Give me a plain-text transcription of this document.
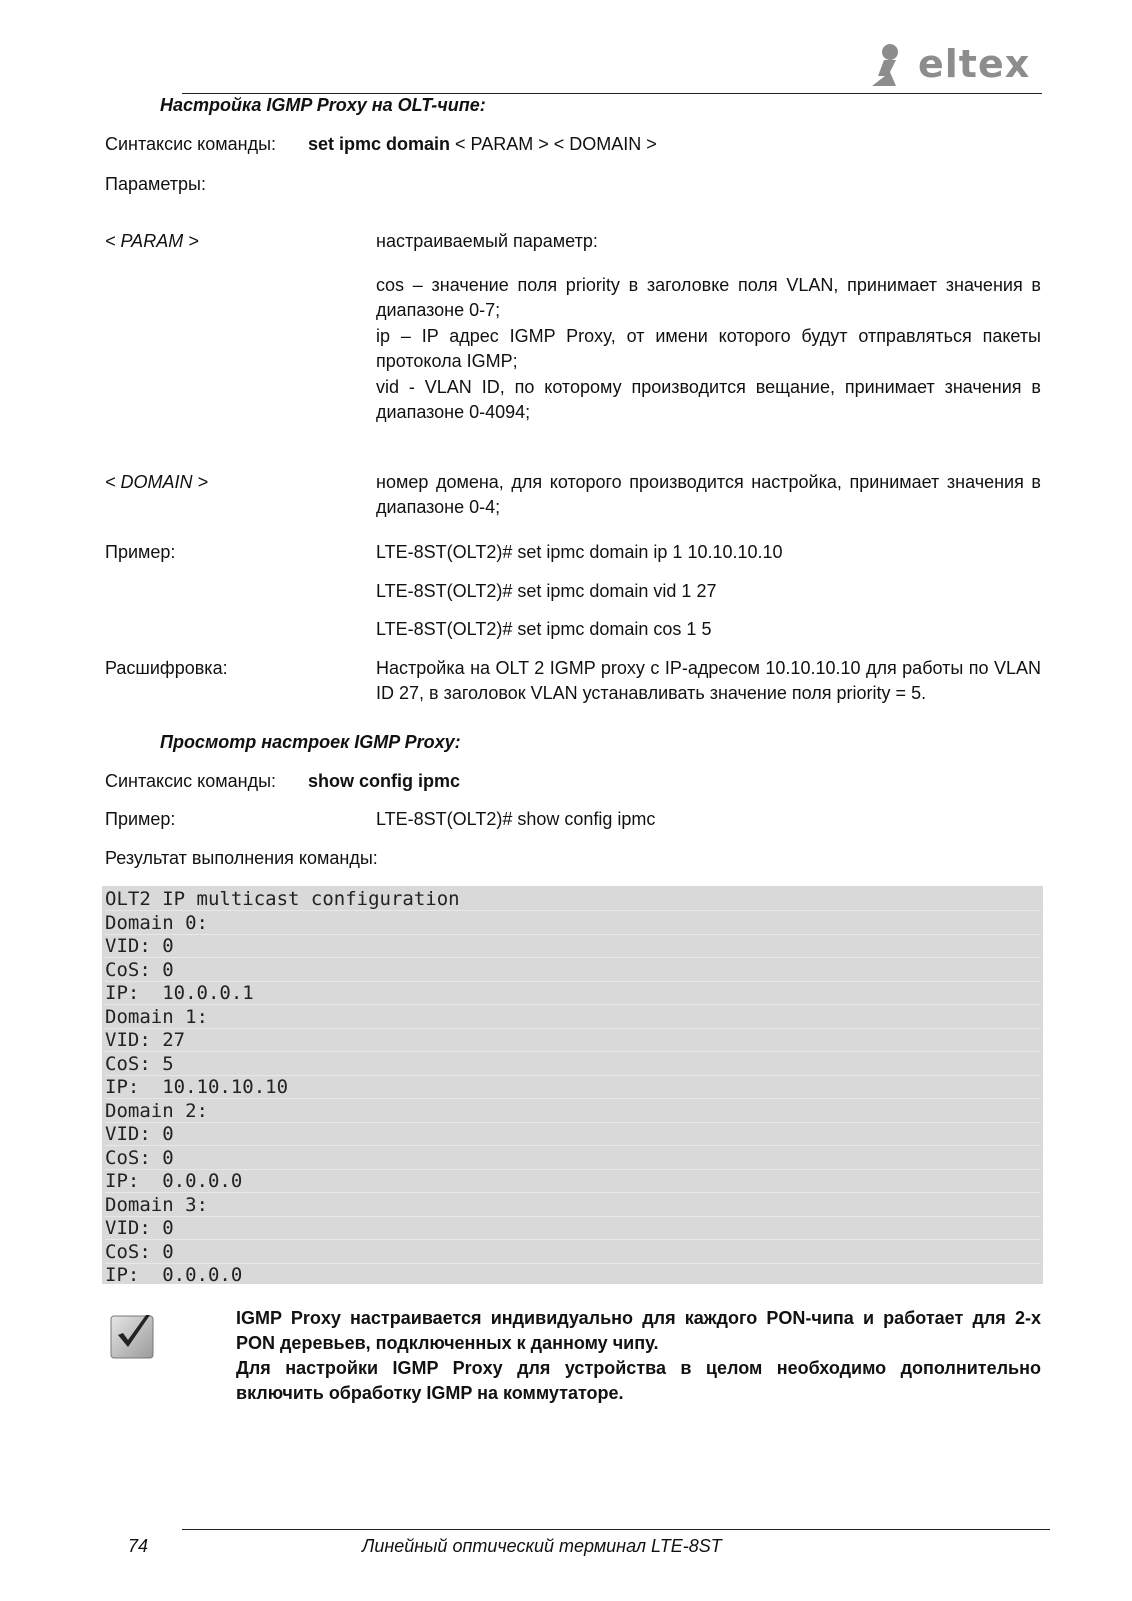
eltex
Настройка IGMP Proxy на OLT-чипе:
Синтаксис команды: set ipmc domain < PARAM > < DOMAIN >
Параметры:
< PARAM >	настраиваемый параметр:
cos – значение поля priority в заголовке поля VLAN, принимает значения в диапазоне 0-7;
ip – IP адрес IGMP Proxy, от имени которого будут отправляться пакеты протокола IGMP;
vid - VLAN ID, по которому производится вещание, принимает значения в диапазоне 0-4094;
< DOMAIN >	номер домена, для которого производится настройка, принимает значения в диапазоне 0-4;
Пример:	LTE-8ST(OLT2)# set ipmc domain ip 1 10.10.10.10
LTE-8ST(OLT2)# set ipmc domain vid 1 27
LTE-8ST(OLT2)# set ipmc domain cos 1 5
Расшифровка:	Настройка на OLT 2 IGMP proxy с IP-адресом 10.10.10.10 для работы по VLAN ID 27, в заголовок VLAN устанавливать значение поля priority = 5.
Просмотр настроек IGMP Proxy:
Синтаксис команды: show config ipmc
Пример:	LTE-8ST(OLT2)# show config ipmc
Результат выполнения команды:
OLT2 IP multicast configuration
Domain 0:
VID: 0
CoS: 0
IP:  10.0.0.1
Domain 1:
VID: 27
CoS: 5
IP:  10.10.10.10
Domain 2:
VID: 0
CoS: 0
IP:  0.0.0.0
Domain 3:
VID: 0
CoS: 0
IP:  0.0.0.0
IGMP Proxy настраивается индивидуально для каждого PON-чипа и работает для 2-х PON деревьев, подключенных к данному чипу.
Для настройки IGMP Proxy для устройства в целом необходимо дополнительно включить обработку IGMP на коммутаторе.
74	Линейный оптический терминал LTE-8ST
